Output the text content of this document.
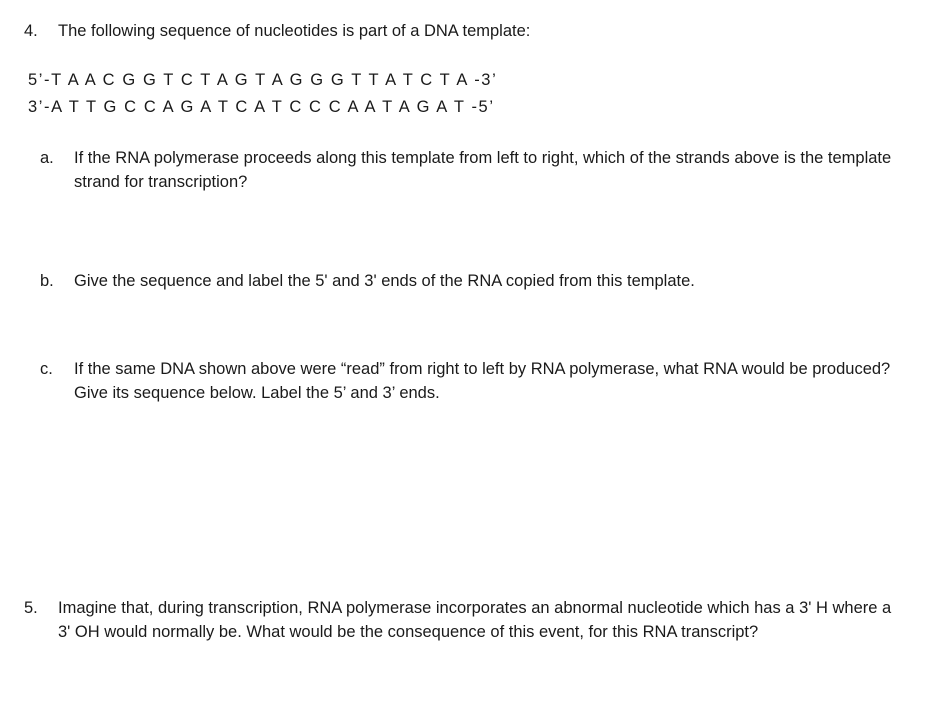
4. The following sequence of nucleotides is part of a DNA template:
5’-T A A C G G T C T A G T A G G G T T A T C T A -3’
3’-A T T G C C A G A T C A T C C C A A T A G A T -5’
a. If the RNA polymerase proceeds along this template from left to right, which of the strands above is the template strand for transcription?
b. Give the sequence and label the 5' and 3' ends of the RNA copied from this template.
c. If the same DNA shown above were “read” from right to left by RNA polymerase, what RNA would be produced? Give its sequence below. Label the 5’ and 3’ ends.
5. Imagine that, during transcription, RNA polymerase incorporates an abnormal nucleotide which has a 3' H where a 3' OH would normally be. What would be the consequence of this event, for this RNA transcript?
